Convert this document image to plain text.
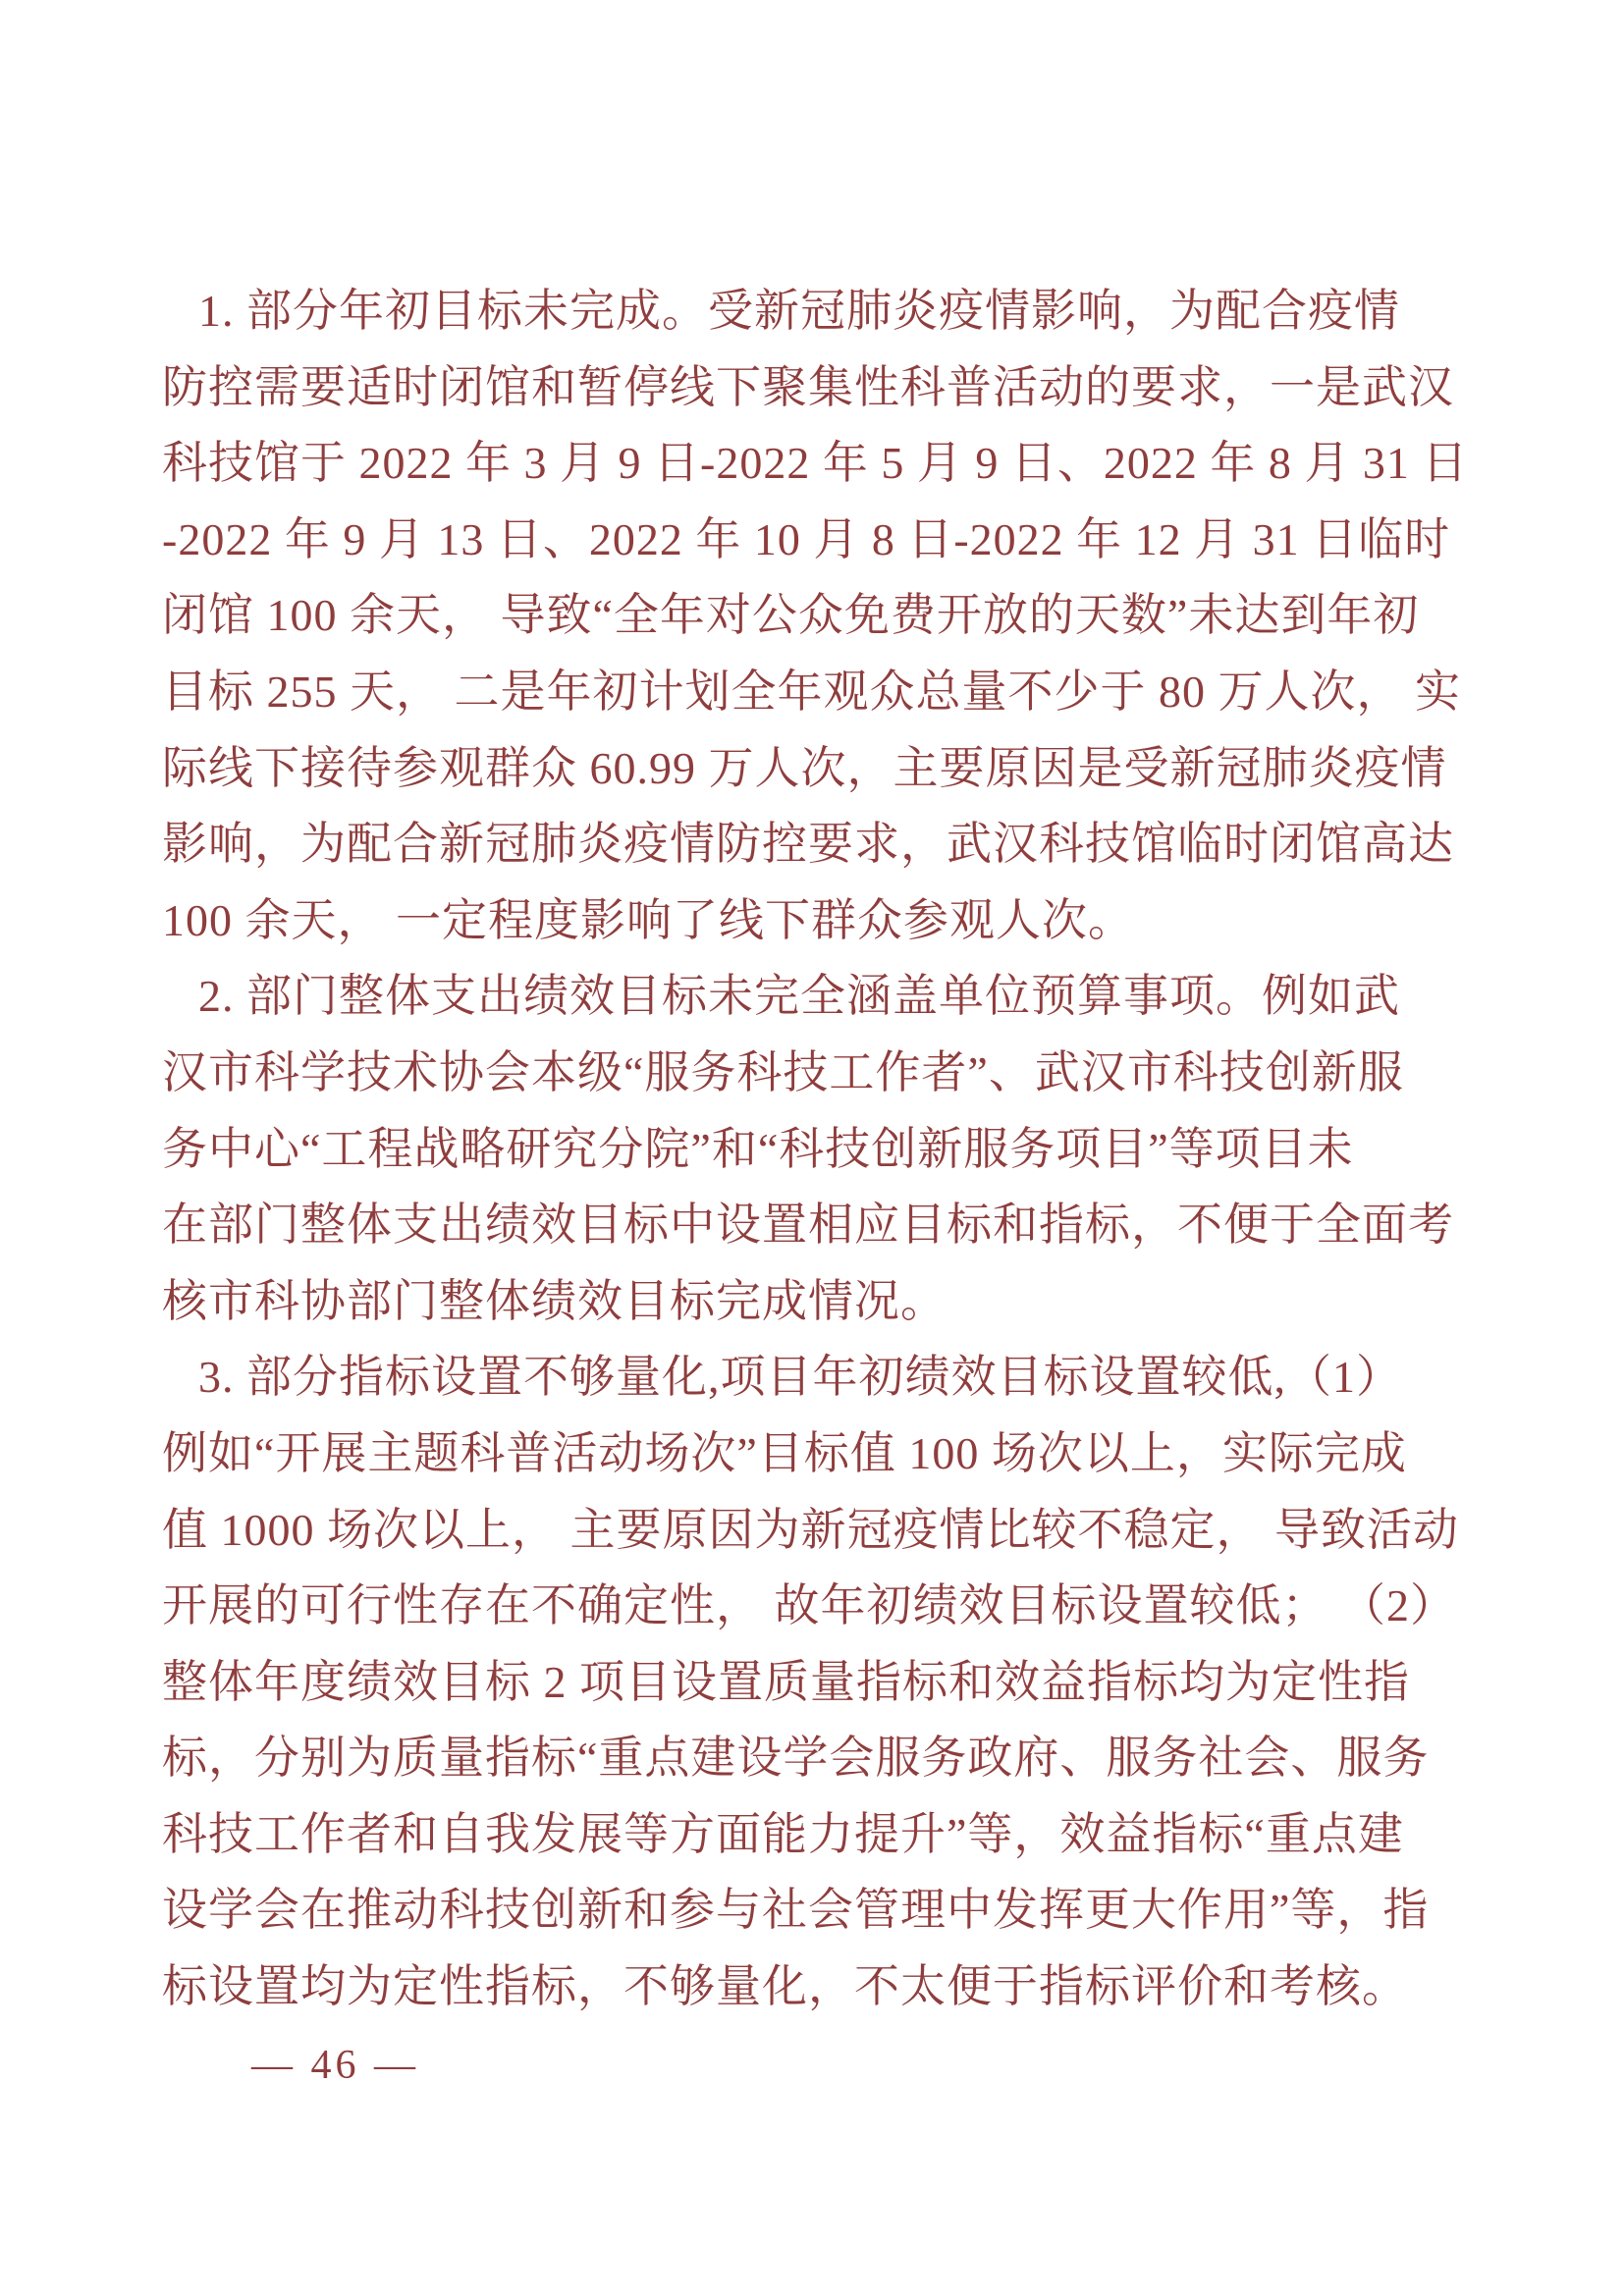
1. 部分年初目标未完成。受新冠肺炎疫情影响，为配合疫情
防控需要适时闭馆和暂停线下聚集性科普活动的要求，一是武汉
科技馆于 2022 年 3 月 9 日-2022 年 5 月 9 日、2022 年 8 月 31 日
-2022 年 9 月 13 日、2022 年 10 月 8 日-2022 年 12 月 31 日临时
闭馆 100 余天， 导致“全年对公众免费开放的天数”未达到年初
目标 255 天， 二是年初计划全年观众总量不少于 80 万人次， 实
际线下接待参观群众 60.99 万人次，主要原因是受新冠肺炎疫情
影响，为配合新冠肺炎疫情防控要求，武汉科技馆临时闭馆高达
100 余天， 一定程度影响了线下群众参观人次。
2. 部门整体支出绩效目标未完全涵盖单位预算事项。例如武
汉市科学技术协会本级“服务科技工作者”、武汉市科技创新服
务中心“工程战略研究分院”和“科技创新服务项目”等项目未
在部门整体支出绩效目标中设置相应目标和指标，不便于全面考
核市科协部门整体绩效目标完成情况。
3. 部分指标设置不够量化,项目年初绩效目标设置较低,（1）
例如“开展主题科普活动场次”目标值 100 场次以上，实际完成
值 1000 场次以上， 主要原因为新冠疫情比较不稳定， 导致活动
开展的可行性存在不确定性， 故年初绩效目标设置较低； （2）
整体年度绩效目标 2 项目设置质量指标和效益指标均为定性指
标，分别为质量指标“重点建设学会服务政府、服务社会、服务
科技工作者和自我发展等方面能力提升”等，效益指标“重点建
设学会在推动科技创新和参与社会管理中发挥更大作用”等，指
标设置均为定性指标，不够量化，不太便于指标评价和考核。
— 46 —
